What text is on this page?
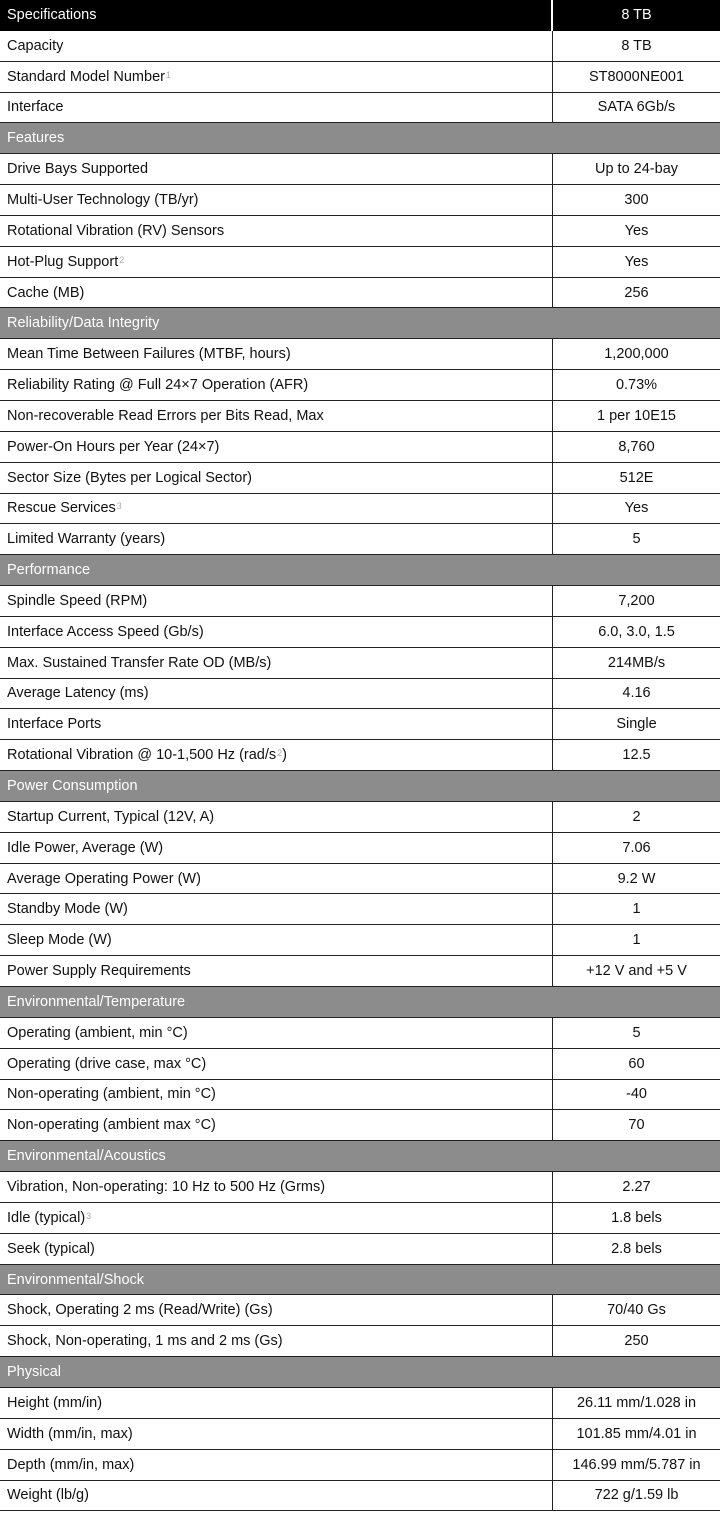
Specifications	8 TB
Capacity	8 TB
Standard Model Number$^1$	ST8000NE001
Interface	SATA 6Gb/s
Features
Drive Bays Supported	Up to 24-bay
Multi-User Technology (TB/yr)	300
Rotational Vibration (RV) Sensors	Yes
Hot-Plug Support$^2$	Yes
Cache (MB)	256
Reliability/Data Integrity
Mean Time Between Failures (MTBF, hours)	1,200,000
Reliability Rating @ Full 24×7 Operation (AFR)	0.73%
Non-recoverable Read Errors per Bits Read, Max	1 per 10E15
Power-On Hours per Year (24×7)	8,760
Sector Size (Bytes per Logical Sector)	512E
Rescue Services$^3$	Yes
Limited Warranty (years)	5
Performance
Spindle Speed (RPM)	7,200
Interface Access Speed (Gb/s)	6.0, 3.0, 1.5
Max. Sustained Transfer Rate OD (MB/s)	214MB/s
Average Latency (ms)	4.16
Interface Ports	Single
Rotational Vibration @ 10-1,500 Hz ($rad/s^2$ )	12.5
Power Consumption
Startup Current, Typical (12V, A)	2
Idle Power, Average (W)	7.06
Average Operating Power (W)	9.2 W
Standby Mode (W)	1
Sleep Mode (W)	1
Power Supply Requirements	+12 V and +5 V
Environmental/Temperature
Operating (ambient, min °C)	5
Operating (drive case, max °C)	60
Non-operating (ambient, min °C)	-40
Non-operating (ambient max °C)	70
Environmental/Acoustics
Vibration, Non-operating: 10 Hz to 500 Hz (Grms)	2.27
Idle (typical)$^3$	1.8 bels
Seek (typical)	2.8 bels
Environmental/Shock
Shock, Operating 2 ms (Read/Write) (Gs)	70/40 Gs
Shock, Non-operating, 1 ms and 2 ms (Gs)	250
Physical
Height (mm/in)	26.11 mm/1.028 in
Width (mm/in, max)	101.85 mm/4.01 in
Depth (mm/in, max)	146.99 mm/5.787 in
Weight (lb/g)	722 g/1.59 lb
